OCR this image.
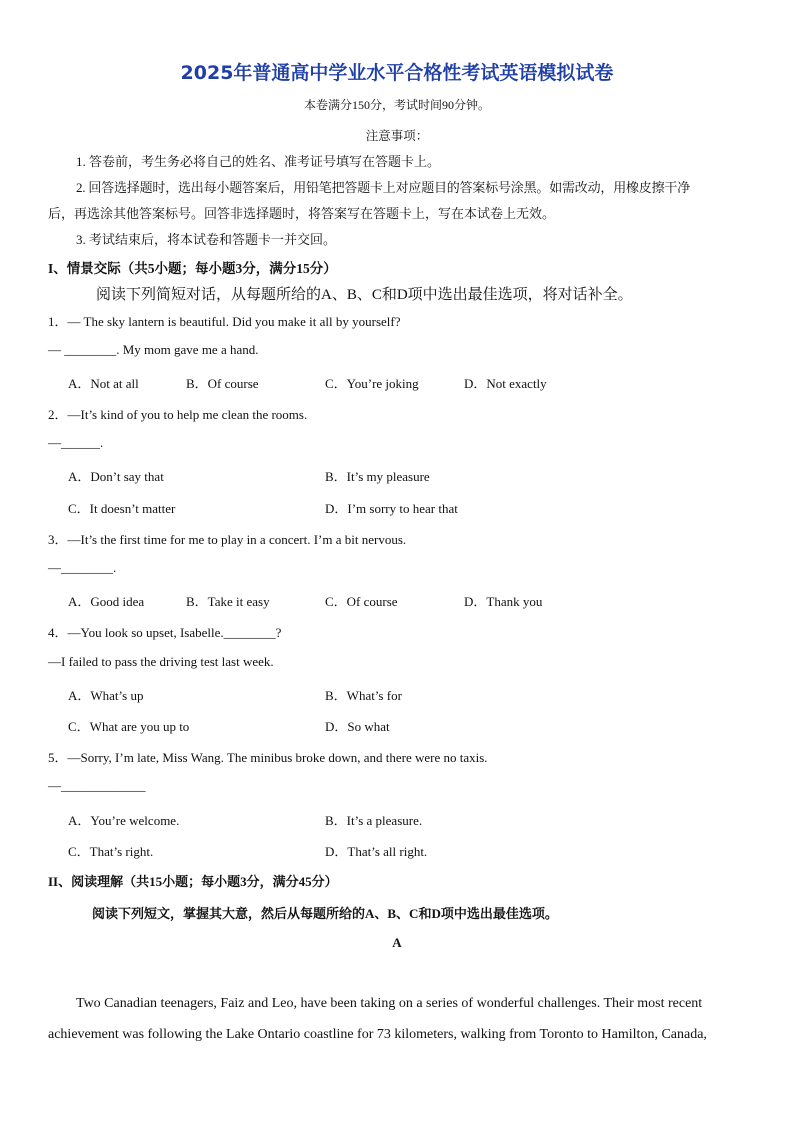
2025年普通高中学业水平合格性考试英语模拟试卷
本卷满分150分，考试时间90分钟。
注意事项：
1. 答卷前，考生务必将自己的姓名、准考证号填写在答题卡上。
2. 回答选择题时，选出每小题答案后，用铅笔把答题卡上对应题目的答案标号涂黑。如需改动，用橡皮擦干净
后，再选涂其他答案标号。回答非选择题时，将答案写在答题卡上，写在本试卷上无效。
3. 考试结束后，将本试卷和答题卡一并交回。
I、情景交际（共5小题；每小题3分，满分15分）
阅读下列简短对话，从每题所给的A、B、C和D项中选出最佳选项，将对话补全。
1．— The sky lantern is beautiful. Did you make it all by yourself?
— ________. My mom gave me a hand.
A．Not at all	B．Of course	C．You’re joking	D．Not exactly
2．—It’s kind of you to help me clean the rooms.
—______.
A．Don’t say that	B．It’s my pleasure
C．It doesn’t matter	D．I’m sorry to hear that
3．—It’s the first time for me to play in a concert. I’m a bit nervous.
—________.
A．Good idea	B．Take it easy	C．Of course	D．Thank you
4．—You look so upset, Isabelle.________?
—I failed to pass the driving test last week.
A．What’s up	B．What’s for
C．What are you up to	D．So what
5．—Sorry, I’m late, Miss Wang. The minibus broke down, and there were no taxis.
—_____________
A．You’re welcome.	B．It’s a pleasure.
C．That’s right.	D．That’s all right.
II、阅读理解（共15小题；每小题3分，满分45分）
阅读下列短文，掌握其大意，然后从每题所给的A、B、C和D项中选出最佳选项。
A
Two Canadian teenagers, Faiz and Leo, have been taking on a series of wonderful challenges. Their most recent
achievement was following the Lake Ontario coastline for 73 kilometers, walking from Toronto to Hamilton, Canada,
